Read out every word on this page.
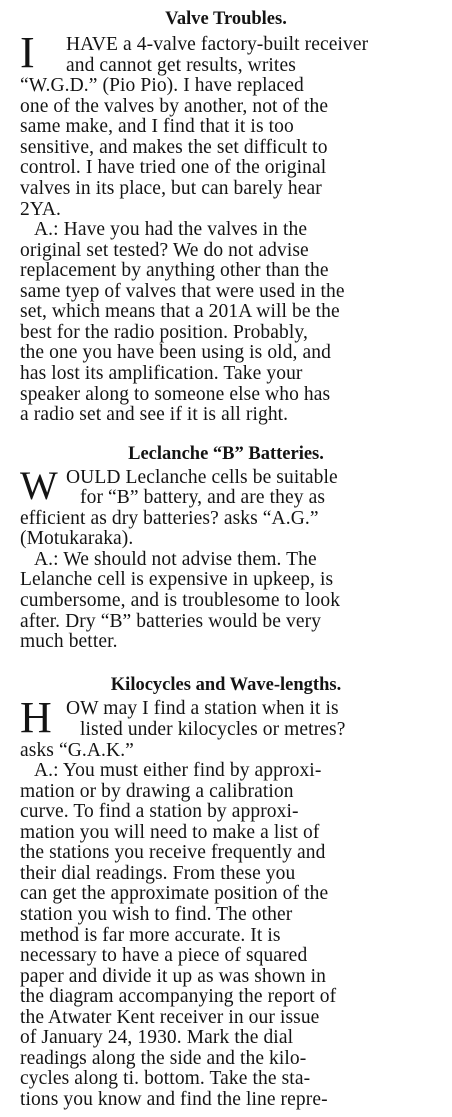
Valve Troubles.
I HAVE a 4-valve factory-built receiver
and cannot get results, writes
“W.G.D.” (Pio Pio). I have replaced
one of the valves by another, not of the
same make, and I find that it is too
sensitive, and makes the set difficult to
control. I have tried one of the original
valves in its place, but can barely hear
2YA.
A.: Have you had the valves in the
original set tested? We do not advise
replacement by anything other than the
same tyep of valves that were used in the
set, which means that a 201A will be the
best for the radio position. Probably,
the one you have been using is old, and
has lost its amplification. Take your
speaker along to someone else who has
a radio set and see if it is all right.
Leclanche “B” Batteries.
W OULD Leclanche cells be suitable
for “B” battery, and are they as
efficient as dry batteries? asks “A.G.”
(Motukaraka).
A.: We should not advise them. The
Lelanche cell is expensive in upkeep, is
cumbersome, and is troublesome to look
after. Dry “B” batteries would be very
much better.
Kilocycles and Wave-lengths.
H OW may I find a station when it is
listed under kilocycles or metres?
asks “G.A.K.”
A.: You must either find by approxi-
mation or by drawing a calibration
curve. To find a station by approxi-
mation you will need to make a list of
the stations you receive frequently and
their dial readings. From these you
can get the approximate position of the
station you wish to find. The other
method is far more accurate. It is
necessary to have a piece of squared
paper and divide it up as was shown in
the diagram accompanying the report of
the Atwater Kent receiver in our issue
of January 24, 1930. Mark the dial
readings along the side and the kilo-
cycles along ti. bottom. Take the sta-
tions you know and find the line repre-
